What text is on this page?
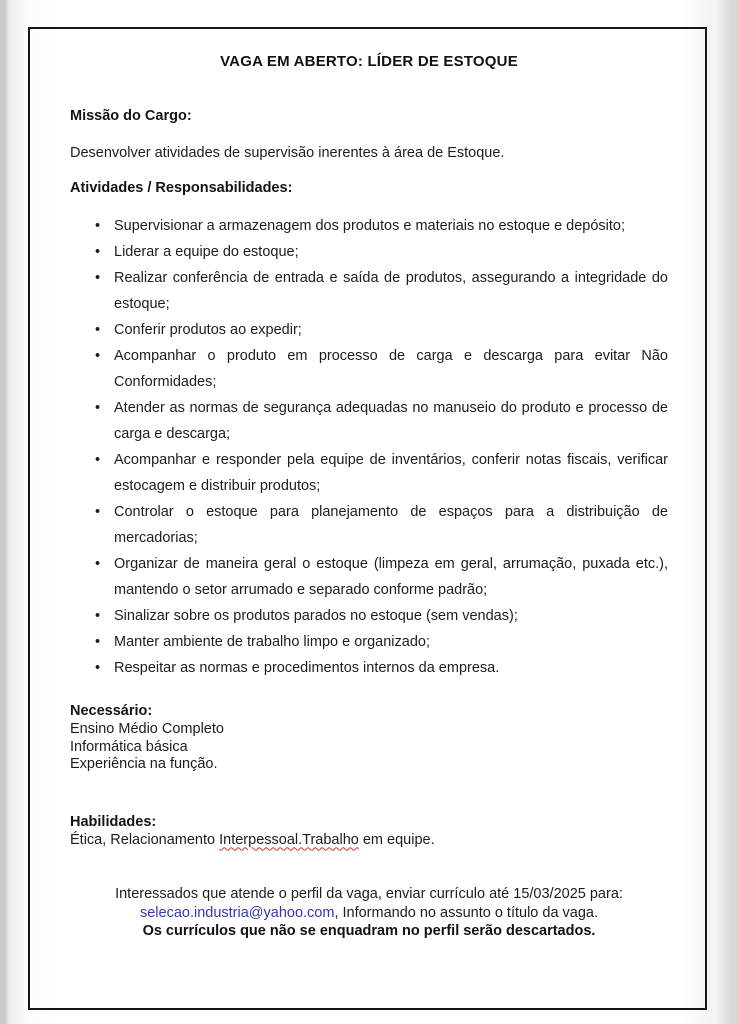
VAGA EM ABERTO: LÍDER DE ESTOQUE
Missão do Cargo:

Desenvolver atividades de supervisão inerentes à área de Estoque.

Atividades / Responsabilidades:
• Supervisionar a armazenagem dos produtos e materiais no estoque e depósito;
• Liderar a equipe do estoque;
• Realizar conferência de entrada e saída de produtos, assegurando a integridade do estoque;
• Conferir produtos ao expedir;
• Acompanhar o produto em processo de carga e descarga para evitar Não Conformidades;
• Atender as normas de segurança adequadas no manuseio do produto e processo de carga e descarga;
• Acompanhar e responder pela equipe de inventários, conferir notas fiscais, verificar estocagem e distribuir produtos;
• Controlar o estoque para planejamento de espaços para a distribuição de mercadorias;
• Organizar de maneira geral o estoque (limpeza em geral, arrumação, puxada etc.), mantendo o setor arrumado e separado conforme padrão;
• Sinalizar sobre os produtos parados no estoque (sem vendas);
• Manter ambiente de trabalho limpo e organizado;
• Respeitar as normas e procedimentos internos da empresa.
Necessário:

Ensino Médio Completo
Informática básica
Experiência na função.

Habilidades:

Ética, Relacionamento Interpessoal.Trabalho em equipe.

Interessados que atende o perfil da vaga, enviar currículo até 15/03/2025 para:
selecao.industria@yahoo.com, Informando no assunto o título da vaga.
Os currículos que não se enquadram no perfil serão descartados.
